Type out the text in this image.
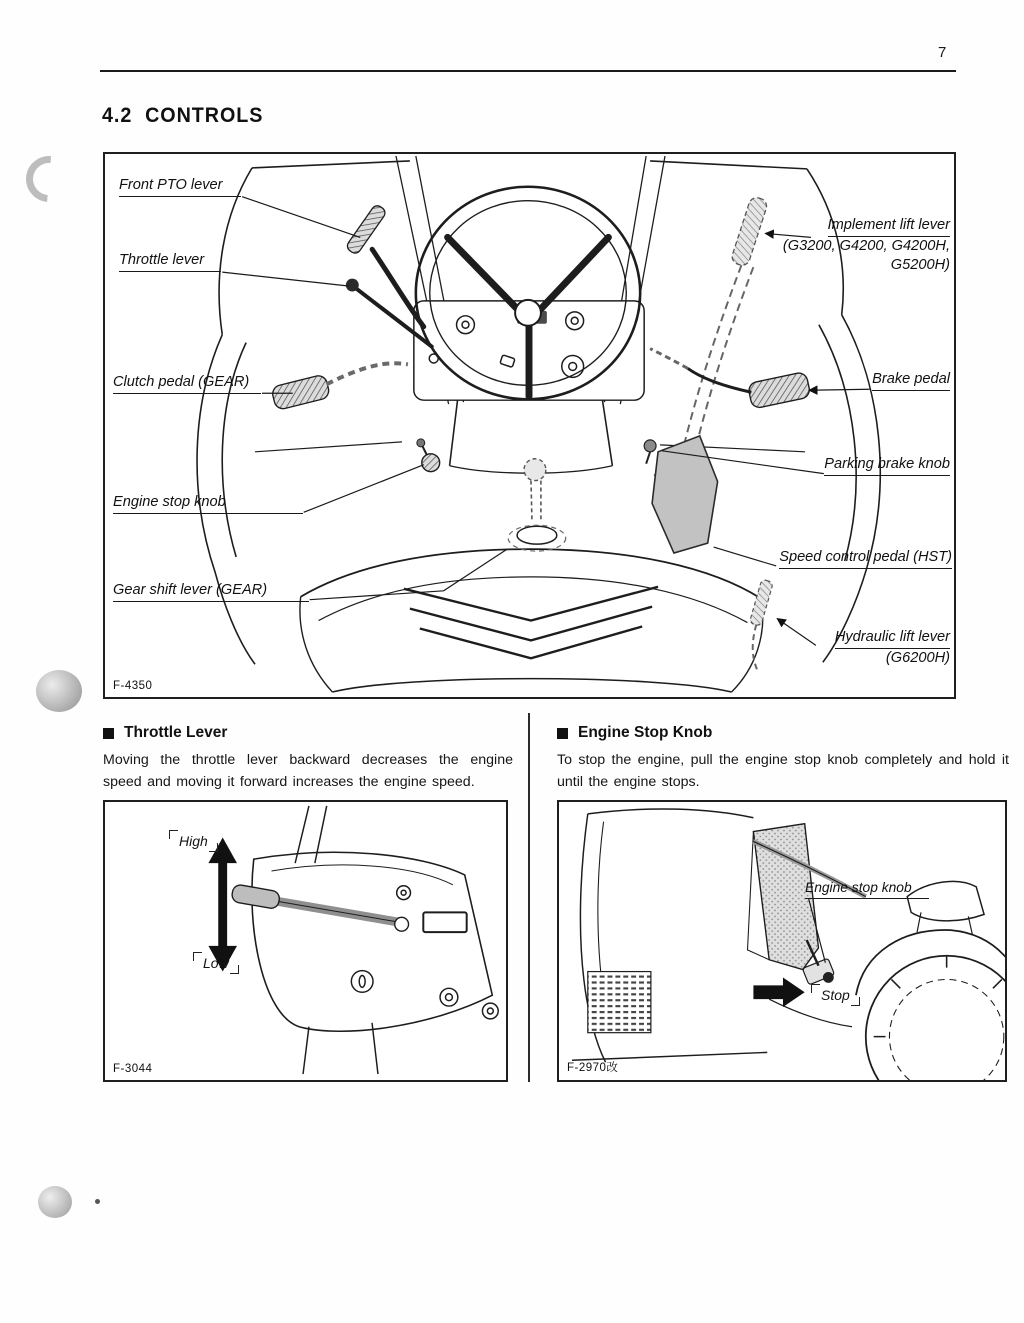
7
4.2  CONTROLS
Front PTO lever
Throttle lever
Clutch pedal (GEAR)
Engine stop knob
Gear shift lever (GEAR)
Implement lift lever
(G3200, G4200, G4200H,
G5200H)
Brake pedal
Parking brake knob
Speed control pedal (HST)
Hydraulic lift lever
(G6200H)
F-4350
Throttle Lever

Moving the throttle lever backward decreases the engine speed and moving it forward increases the engine speed.

High
Low
F-3044
Engine Stop Knob

To stop the engine, pull the engine stop knob completely and hold it until the engine stops.

Engine stop knob
Stop
F-2970改
